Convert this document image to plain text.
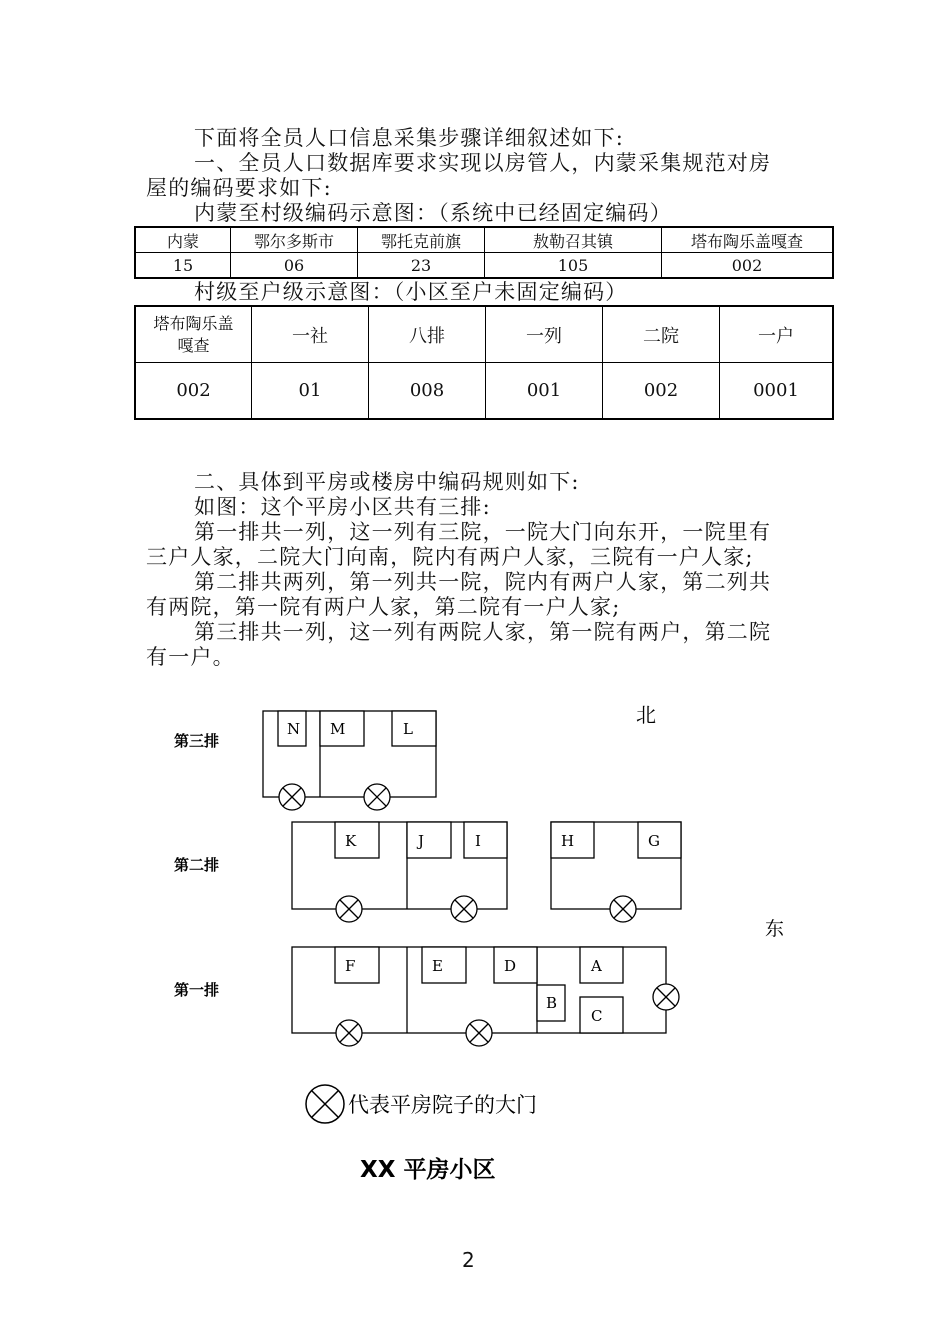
下面将全员人口信息采集步骤详细叙述如下:
一、全员人口数据库要求实现以房管人，内蒙采集规范对房
屋的编码要求如下:
内蒙至村级编码示意图：（系统中已经固定编码）
内蒙	鄂尔多斯市	鄂托克前旗	敖勒召其镇	塔布陶乐盖嘎查
15	06	23	105	002
村级至户级示意图：（小区至户未固定编码）
塔布陶乐盖
嘎查	一社	八排	一列	二院	一户
002	01	008	001	002	0001
二、具体到平房或楼房中编码规则如下:
如图：这个平房小区共有三排:
第一排共一列，这一列有三院，一院大门向东开，一院里有
三户人家，二院大门向南，院内有两户人家，三院有一户人家;
第二排共两列，第一列共一院，院内有两户人家，第二列共
有两院，第一院有两户人家，第二院有一户人家;
第三排共一列，这一列有两院人家，第一院有两户，第二院
有一户。
第三排
第二排
第一排
北
东
N M	L
K	J	I	H	G
F	E	D	A
B
C
代表平房院子的大门
XX 平房小区
2
